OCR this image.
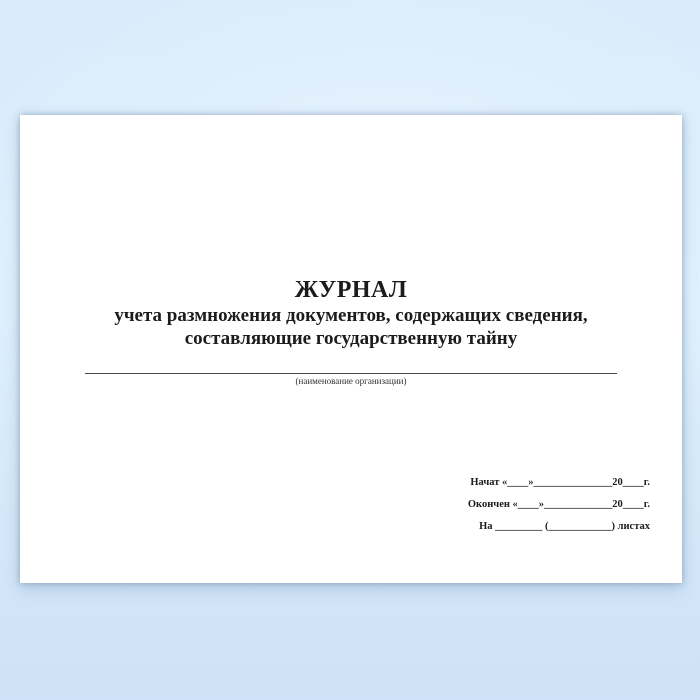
ЖУРНАЛ
учета размножения документов, содержащих сведения,
составляющие государственную тайну
(наименование организации)
Начат «____»_______________20____г.
Окончен «____»_____________20____г.
На _________ (____________) листах
